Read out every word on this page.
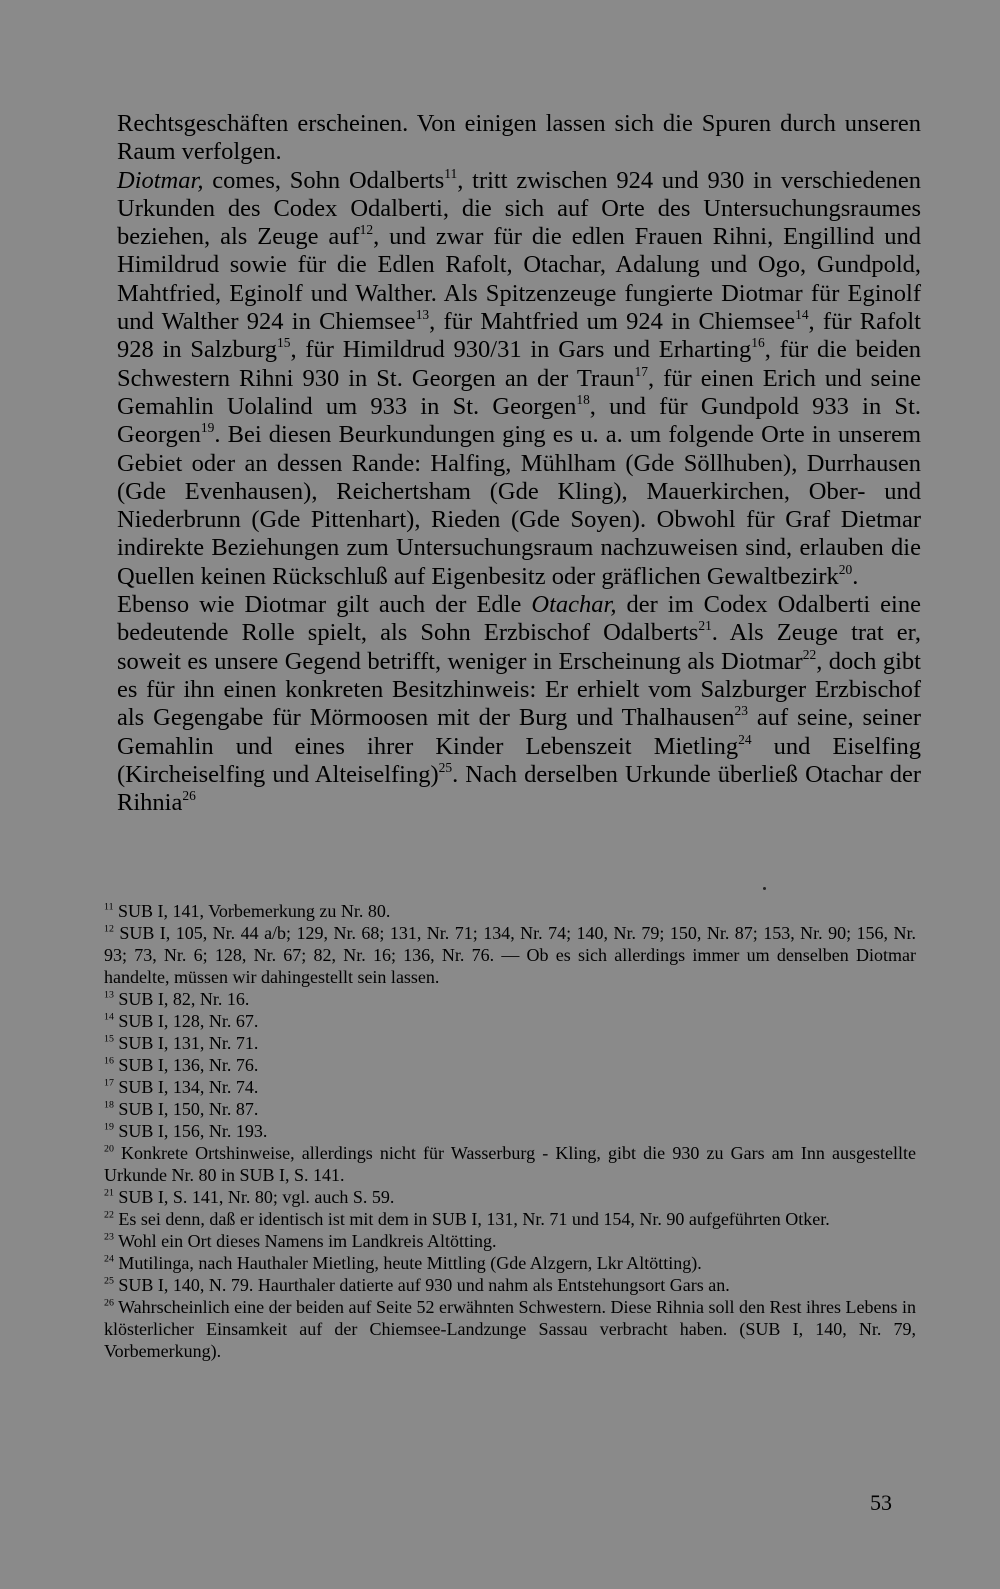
Rechtsgeschäften erscheinen. Von einigen lassen sich die Spuren durch unseren Raum verfolgen.

Diotmar, comes, Sohn Odalberts$^{11}$, tritt zwischen 924 und 930 in verschiedenen Urkunden des Codex Odalberti, die sich auf Orte des Untersuchungsraumes beziehen, als Zeuge auf$^{12}$, und zwar für die edlen Frauen Rihni, Engillind und Himildrud sowie für die Edlen Rafolt, Otachar, Adalung und Ogo, Gundpold, Mahtfried, Eginolf und Walther. Als Spitzenzeuge fungierte Diotmar für Eginolf und Walther 924 in Chiemsee$^{13}$, für Mahtfried um 924 in Chiemsee$^{14}$, für Rafolt 928 in Salzburg$^{15}$, für Himildrud 930/31 in Gars und Erharting$^{16}$, für die beiden Schwestern Rihni 930 in St. Georgen an der Traun$^{17}$, für einen Erich und seine Gemahlin Uolalind um 933 in St. Georgen$^{18}$, und für Gundpold 933 in St. Georgen$^{19}$. Bei diesen Beurkundungen ging es u. a. um folgende Orte in unserem Gebiet oder an dessen Rande: Halfing, Mühlham (Gde Söllhuben), Durrhausen (Gde Evenhausen), Reichertsham (Gde Kling), Mauerkirchen, Ober- und Niederbrunn (Gde Pittenhart), Rieden (Gde Soyen). Obwohl für Graf Dietmar indirekte Beziehungen zum Untersuchungsraum nachzuweisen sind, erlauben die Quellen keinen Rückschluß auf Eigenbesitz oder gräflichen Gewaltbezirk$^{20}$.

Ebenso wie Diotmar gilt auch der Edle Otachar, der im Codex Odalberti eine bedeutende Rolle spielt, als Sohn Erzbischof Odalberts$^{21}$. Als Zeuge trat er, soweit es unsere Gegend betrifft, weniger in Erscheinung als Diotmar$^{22}$, doch gibt es für ihn einen konkreten Besitzhinweis: Er erhielt vom Salzburger Erzbischof als Gegengabe für Mörmoosen mit der Burg und Thalhausen$^{23}$ auf seine, seiner Gemahlin und eines ihrer Kinder Lebenszeit Mietling$^{24}$ und Eiselfing (Kircheiselfing und Alteiselfing)$^{25}$. Nach derselben Urkunde überließ Otachar der Rihnia$^{26}$

$^{11}$ SUB I, 141, Vorbemerkung zu Nr. 80.

$^{12}$ SUB I, 105, Nr. 44 a/b; 129, Nr. 68; 131, Nr. 71; 134, Nr. 74; 140, Nr. 79; 150, Nr. 87; 153, Nr. 90; 156, Nr. 93; 73, Nr. 6; 128, Nr. 67; 82, Nr. 16; 136, Nr. 76. — Ob es sich allerdings immer um denselben Diotmar handelte, müssen wir dahingestellt sein lassen.

$^{13}$ SUB I, 82, Nr. 16.

$^{14}$ SUB I, 128, Nr. 67.

$^{15}$ SUB I, 131, Nr. 71.

$^{16}$ SUB I, 136, Nr. 76.

$^{17}$ SUB I, 134, Nr. 74.

$^{18}$ SUB I, 150, Nr. 87.

$^{19}$ SUB I, 156, Nr. 193.

$^{20}$ Konkrete Ortshinweise, allerdings nicht für Wasserburg - Kling, gibt die 930 zu Gars am Inn ausgestellte Urkunde Nr. 80 in SUB I, S. 141.

$^{21}$ SUB I, S. 141, Nr. 80; vgl. auch S. 59.

$^{22}$ Es sei denn, daß er identisch ist mit dem in SUB I, 131, Nr. 71 und 154, Nr. 90 aufgeführten Otker.

$^{23}$ Wohl ein Ort dieses Namens im Landkreis Altötting.

$^{24}$ Mutilinga, nach Hauthaler Mietling, heute Mittling (Gde Alzgern, Lkr Altötting).

$^{25}$ SUB I, 140, N. 79. Haurthaler datierte auf 930 und nahm als Entstehungsort Gars an.

$^{26}$ Wahrscheinlich eine der beiden auf Seite 52 erwähnten Schwestern. Diese Rihnia soll den Rest ihres Lebens in klösterlicher Einsamkeit auf der Chiemsee-Landzunge Sassau verbracht haben. (SUB I, 140, Nr. 79, Vorbemerkung).

53
